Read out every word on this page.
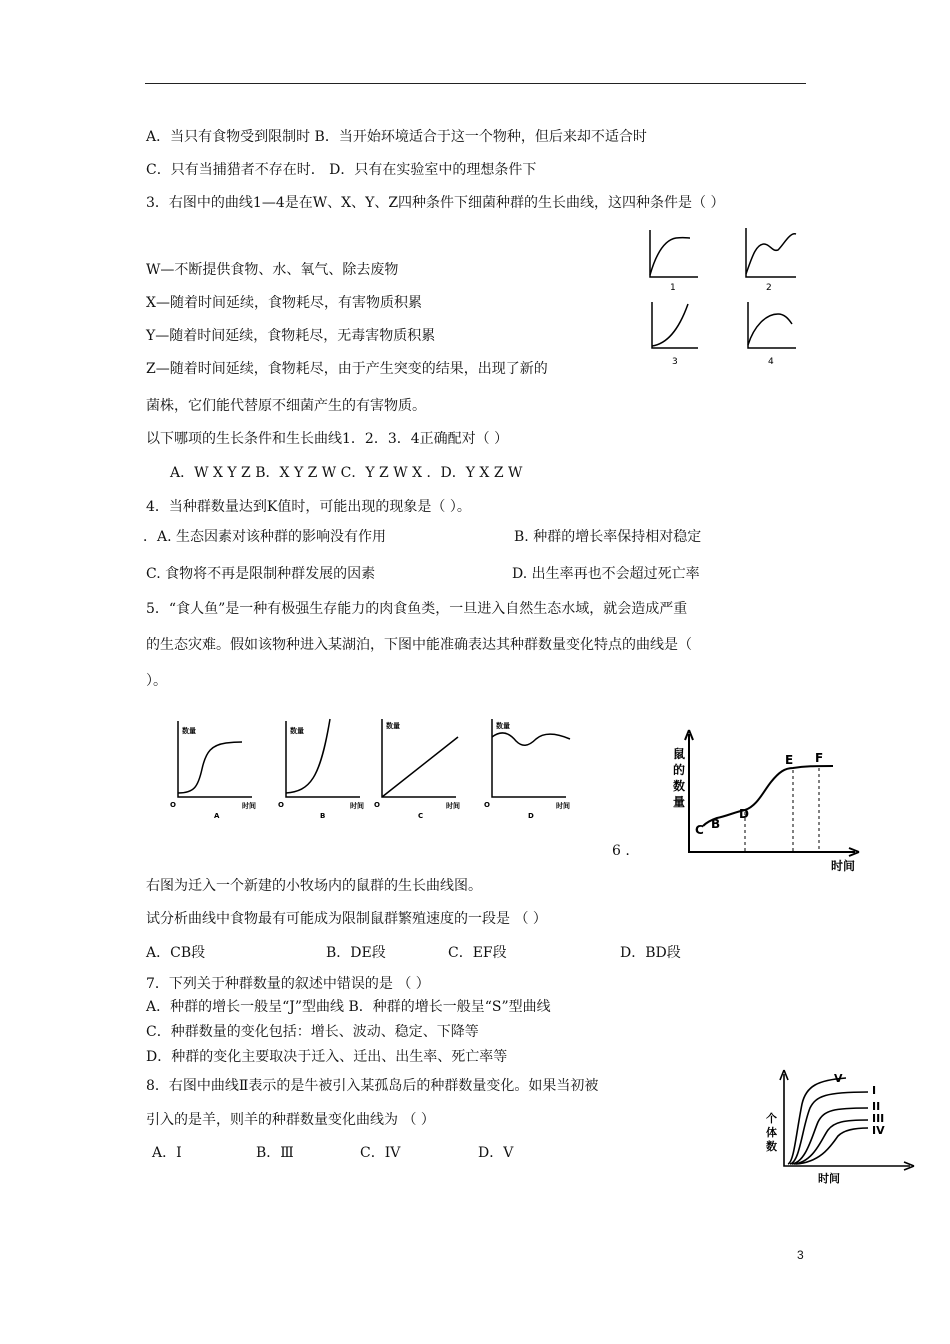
A．当只有食物受到限制时 B．当开始环境适合于这一个物种，但后来却不适合时
C．只有当捕猎者不存在时． D．只有在实验室中的理想条件下
3．右图中的曲线1—4是在W、X、Y、Z四种条件下细菌种群的生长曲线，这四种条件是（ ）
W—不断提供食物、水、氧气、除去废物
X—随着时间延续，食物耗尽，有害物质积累
Y—随着时间延续，食物耗尽，无毒害物质积累
Z—随着时间延续，食物耗尽，由于产生突变的结果，出现了新的
菌株，它们能代替原不细菌产生的有害物质。
以下哪项的生长条件和生长曲线1．2．3．4正确配对（ ）
A．W X Y Z B．X Y Z W C．Y Z W X ．D．Y X Z W
1	2
3	4
4．当种群数量达到K值时，可能出现的现象是（ ）。
．A. 生态因素对该种群的影响没有作用	B. 种群的增长率保持相对稳定
C. 食物将不再是限制种群发展的因素	D. 出生率再也不会超过死亡率
5．“食人鱼”是一种有极强生存能力的肉食鱼类，一旦进入自然生态水域，就会造成严重
的生态灾难。假如该物种进入某湖泊，下图中能准确表达其种群数量变化特点的曲线是（
）。
数量	数量
数量	数量
时间	时间	时间	时间
O	O	O	O
A	B	C	D
鼠
的
数
量
时间
C B
D
E F
6 .
右图为迁入一个新建的小牧场内的鼠群的生长曲线图。
试分析曲线中食物最有可能成为限制鼠群繁殖速度的一段是 （ ）
A．CB段	B．DE段	C．EF段	D．BD段
7．下列关于种群数量的叙述中错误的是 （ ）
A．种群的增长一般呈“J”型曲线 B．种群的增长一般呈“S”型曲线
C．种群数量的变化包括：增长、波动、稳定、下降等
D．种群的变化主要取决于迁入、迁出、出生率、死亡率等
8．右图中曲线Ⅱ表示的是牛被引入某孤岛后的种群数量变化。如果当初被
引入的是羊，则羊的种群数量变化曲线为 （ ）
A．I	B．Ⅲ	C．IV	D．V
个
体
数
时间
V
I
II
III
IV
3
